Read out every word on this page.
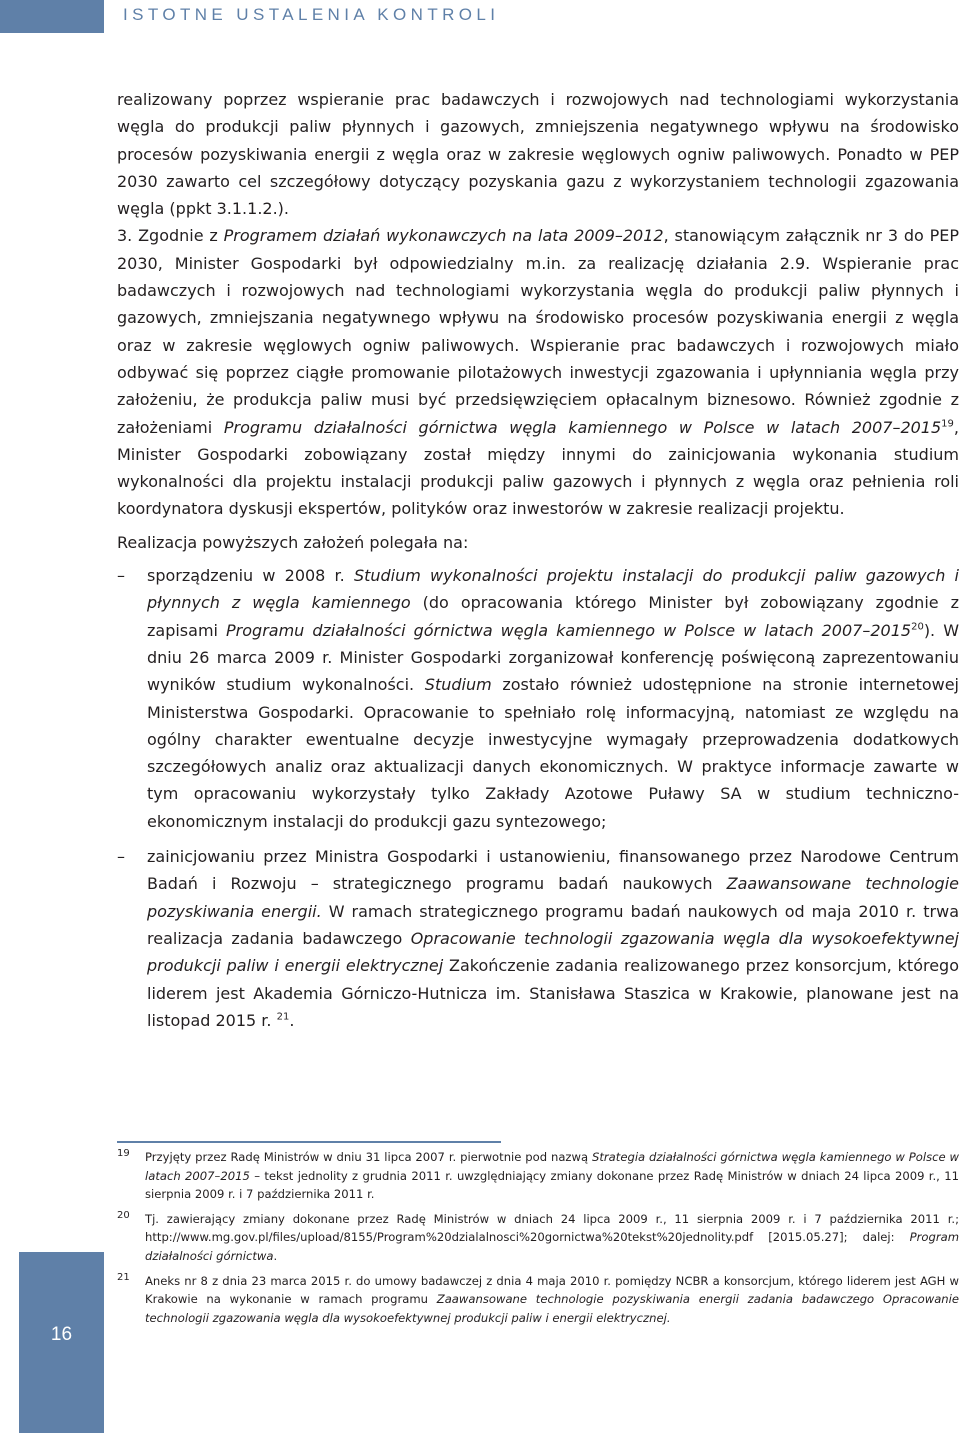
ISTOTNE USTALENIA KONTROLI

realizowany poprzez wspieranie prac badawczych i rozwojowych nad technologiami wykorzystania węgla do produkcji paliw płynnych i gazowych, zmniejszenia negatywnego wpływu na środowisko procesów pozyskiwania energii z węgla oraz w zakresie węglowych ogniw paliwowych. Ponadto w PEP 2030 zawarto cel szczegółowy dotyczący pozyskania gazu z wykorzystaniem technologii zgazowania węgla (ppkt 3.1.1.2.).

3. Zgodnie z Programem działań wykonawczych na lata 2009–2012, stanowiącym załącznik nr 3 do PEP 2030, Minister Gospodarki był odpowiedzialny m.in. za realizację działania 2.9. Wspieranie prac badawczych i rozwojowych nad technologiami wykorzystania węgla do produkcji paliw płynnych i gazowych, zmniejszania negatywnego wpływu na środowisko procesów pozyskiwania energii z węgla oraz w zakresie węglowych ogniw paliwowych. Wspieranie prac badawczych i rozwojowych miało odbywać się poprzez ciągłe promowanie pilotażowych inwestycji zgazowania i upłynniania węgla przy założeniu, że produkcja paliw musi być przedsięwzięciem opłacalnym biznesowo. Również zgodnie z założeniami Programu działalności górnictwa węgla kamiennego w Polsce w latach 2007–2015$^{19}$, Minister Gospodarki zobowiązany został między innymi do zainicjowania wykonania studium wykonalności dla projektu instalacji produkcji paliw gazowych i płynnych z węgla oraz pełnienia roli koordynatora dyskusji ekspertów, polityków oraz inwestorów w zakresie realizacji projektu.

Realizacja powyższych założeń polegała na:

–	sporządzeniu w 2008 r. Studium wykonalności projektu instalacji do produkcji paliw gazowych i płynnych z węgla kamiennego (do opracowania którego Minister był zobowiązany zgodnie z zapisami Programu działalności górnictwa węgla kamiennego w Polsce w latach 2007–2015$^{20}$). W dniu 26 marca 2009 r. Minister Gospodarki zorganizował konferencję poświęconą zaprezentowaniu wyników studium wykonalności. Studium zostało również udostępnione na stronie internetowej Ministerstwa Gospodarki. Opracowanie to spełniało rolę informacyjną, natomiast ze względu na ogólny charakter ewentualne decyzje inwestycyjne wymagały przeprowadzenia dodatkowych szczegółowych analiz oraz aktualizacji danych ekonomicznych. W praktyce informacje zawarte w tym opracowaniu wykorzystały tylko Zakłady Azotowe Puławy SA w studium techniczno-ekonomicznym instalacji do produkcji gazu syntezowego;
–	zainicjowaniu przez Ministra Gospodarki i ustanowieniu, finansowanego przez Narodowe Centrum Badań i Rozwoju – strategicznego programu badań naukowych Zaawansowane technologie pozyskiwania energii. W ramach strategicznego programu badań naukowych od maja 2010 r. trwa realizacja zadania badawczego Opracowanie technologii zgazowania węgla dla wysokoefektywnej produkcji paliw i energii elektrycznej Zakończenie zadania realizowanego przez konsorcjum, którego liderem jest Akademia Górniczo-Hutnicza im. Stanisława Staszica w Krakowie, planowane jest na listopad 2015 r. $^{21}$.
19 Przyjęty przez Radę Ministrów w dniu 31 lipca 2007 r. pierwotnie pod nazwą Strategia działalności górnictwa węgla kamiennego w Polsce w latach 2007–2015 – tekst jednolity z grudnia 2011 r. uwzględniający zmiany dokonane przez Radę Ministrów w dniach 24 lipca 2009 r., 11 sierpnia 2009 r. i 7 października 2011 r.
20 Tj. zawierający zmiany dokonane przez Radę Ministrów w dniach 24 lipca 2009 r., 11 sierpnia 2009 r. i 7 października 2011 r.; http://www.mg.gov.pl/files/upload/8155/Program%20dzialalnosci%20gornictwa%20tekst%20jednolity.pdf [2015.05.27]; dalej: Program działalności górnictwa.
21 Aneks nr 8 z dnia 23 marca 2015 r. do umowy badawczej z dnia 4 maja 2010 r. pomiędzy NCBR a konsorcjum, którego liderem jest AGH w Krakowie na wykonanie w ramach programu Zaawansowane technologie pozyskiwania energii zadania badawczego Opracowanie technologii zgazowania węgla dla wysokoefektywnej produkcji paliw i energii elektrycznej.
16
